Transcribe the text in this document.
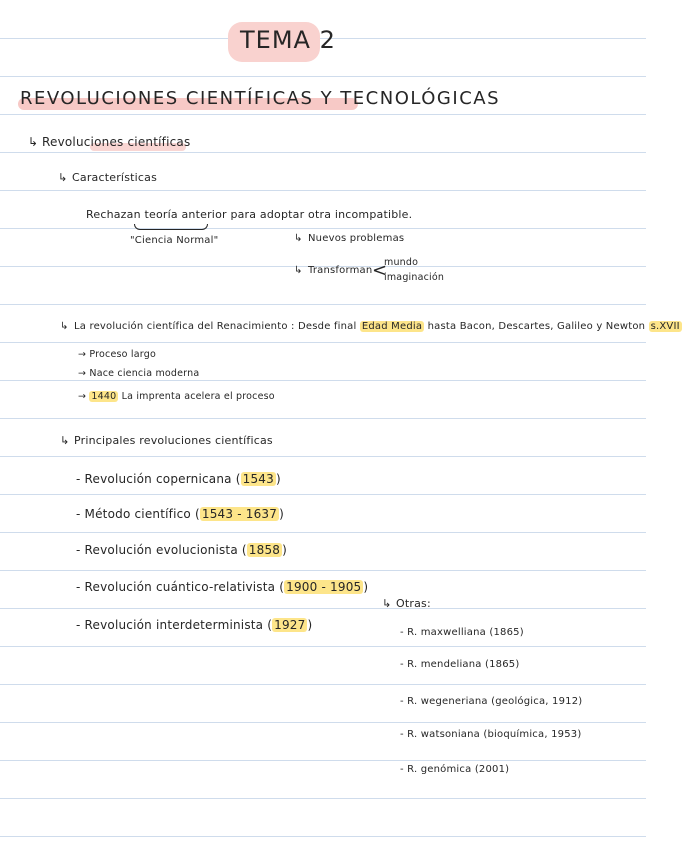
TEMA 2
REVOLUCIONES CIENTÍFICAS Y TECNOLÓGICAS
↳ Revoluciones científicas
↳ Características
Rechazan teoría anterior para adoptar otra incompatible.
"Ciencia Normal"	↳ Nuevos problemas
↳ Transforman <
mundo
imaginación
↳ La revolución científica del Renacimiento : Desde final Edad Media hasta Bacon, Descartes, Galileo y Newton s.XVII
→ Proceso largo
→ Nace ciencia moderna
→ 1440 La imprenta acelera el proceso
↳ Principales revoluciones científicas
- Revolución copernicana ( 1543 )
- Método científico ( 1543 - 1637 )
- Revolución evolucionista ( 1858 )
- Revolución cuántico-relativista ( 1900 - 1905 )
- Revolución interdeterminista ( 1927 )
↳ Otras:
- R. maxwelliana (1865)
- R. mendeliana (1865)
- R. wegeneriana (geológica, 1912)
- R. watsoniana (bioquímica, 1953)
- R. genómica (2001)
